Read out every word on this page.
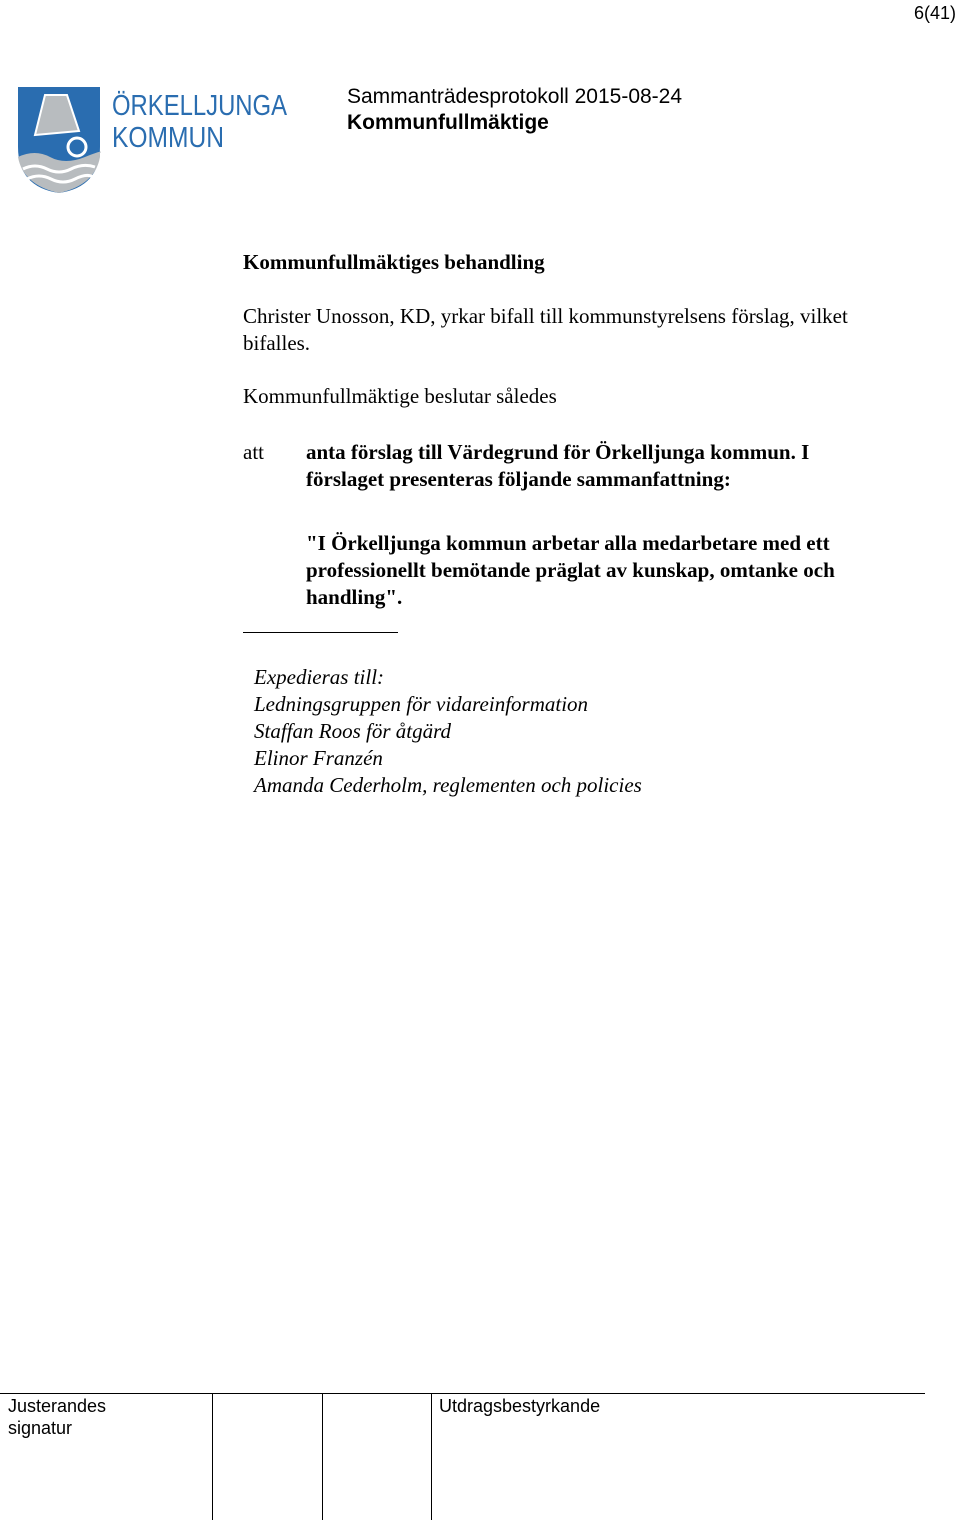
6(41)
ÖRKELLJUNGA
KOMMUN
Sammanträdesprotokoll 2015-08-24
Kommunfullmäktige
Kommunfullmäktiges behandling
Christer Unosson, KD, yrkar bifall till kommunstyrelsens förslag, vilket
bifalles.
Kommunfullmäktige beslutar således
att anta förslag till Värdegrund för Örkelljunga kommun. I
förslaget presenteras följande sammanfattning:
"I Örkelljunga kommun arbetar alla medarbetare med ett
professionellt bemötande präglat av kunskap, omtanke och
handling".
Expedieras till:
Ledningsgruppen för vidareinformation
Staffan Roos för åtgärd
Elinor Franzén
Amanda Cederholm, reglementen och policies
Justerandes
signatur
Utdragsbestyrkande
